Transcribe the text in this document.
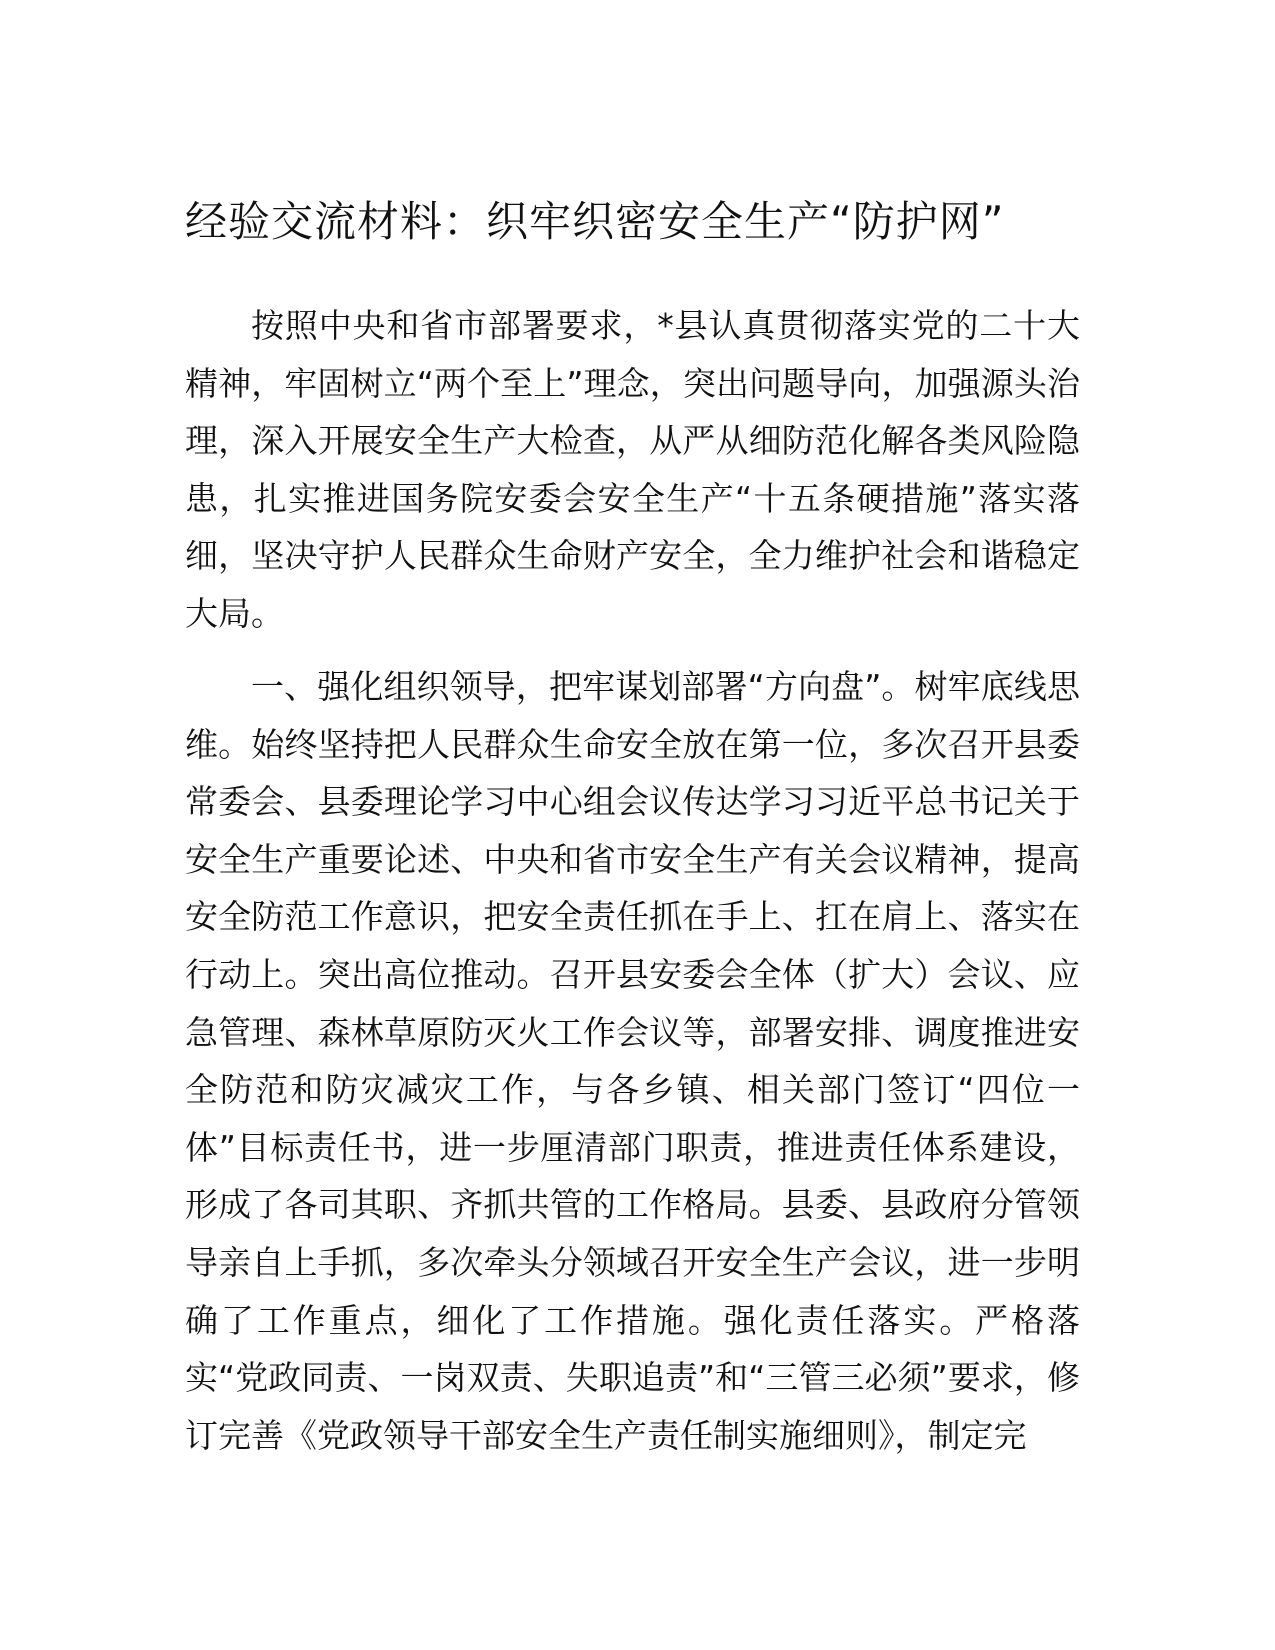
经验交流材料：织牢织密安全生产“防护网”

按照中央和省市部署要求，*县认真贯彻落实党的二十大精神，牢固树立“两个至上”理念，突出问题导向，加强源头治理，深入开展安全生产大检查，从严从细防范化解各类风险隐患，扎实推进国务院安委会安全生产“十五条硬措施”落实落细，坚决守护人民群众生命财产安全，全力维护社会和谐稳定大局。

一、强化组织领导，把牢谋划部署“方向盘”。树牢底线思维。始终坚持把人民群众生命安全放在第一位，多次召开县委常委会、县委理论学习中心组会议传达学习习近平总书记关于安全生产重要论述、中央和省市安全生产有关会议精神，提高安全防范工作意识，把安全责任抓在手上、扛在肩上、落实在行动上。突出高位推动。召开县安委会全体（扩大）会议、应急管理、森林草原防灭火工作会议等，部署安排、调度推进安全防范和防灾减灾工作，与各乡镇、相关部门签订“四位一体”目标责任书，进一步厘清部门职责，推进责任体系建设，形成了各司其职、齐抓共管的工作格局。县委、县政府分管领导亲自上手抓，多次牵头分领域召开安全生产会议，进一步明确了工作重点，细化了工作措施。强化责任落实。严格落实“党政同责、一岗双责、失职追责”和“三管三必须”要求，修订完善《党政领导干部安全生产责任制实施细则》，制定完
